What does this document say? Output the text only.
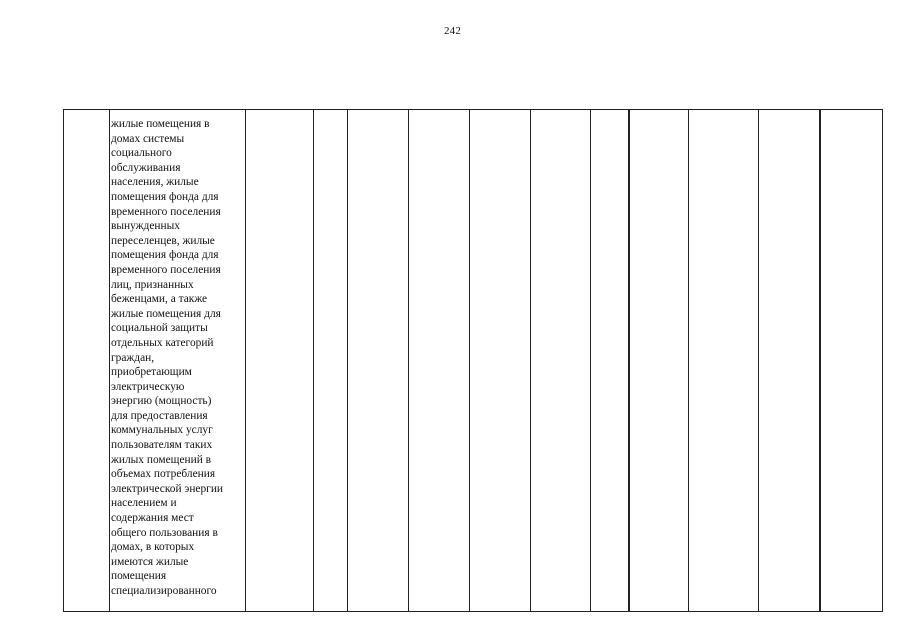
242
жилые помещения в
домах системы
социального
обслуживания
населения, жилые
помещения фонда для
временного поселения
вынужденных
переселенцев, жилые
помещения фонда для
временного поселения
лиц, признанных
беженцами, а также
жилые помещения для
социальной защиты
отдельных категорий
граждан,
приобретающим
электрическую
энергию (мощность)
для предоставления
коммунальных услуг
пользователям таких
жилых помещений в
объемах потребления
электрической энергии
населением и
содержания мест
общего пользования в
домах, в которых
имеются жилые
помещения
специализированного
